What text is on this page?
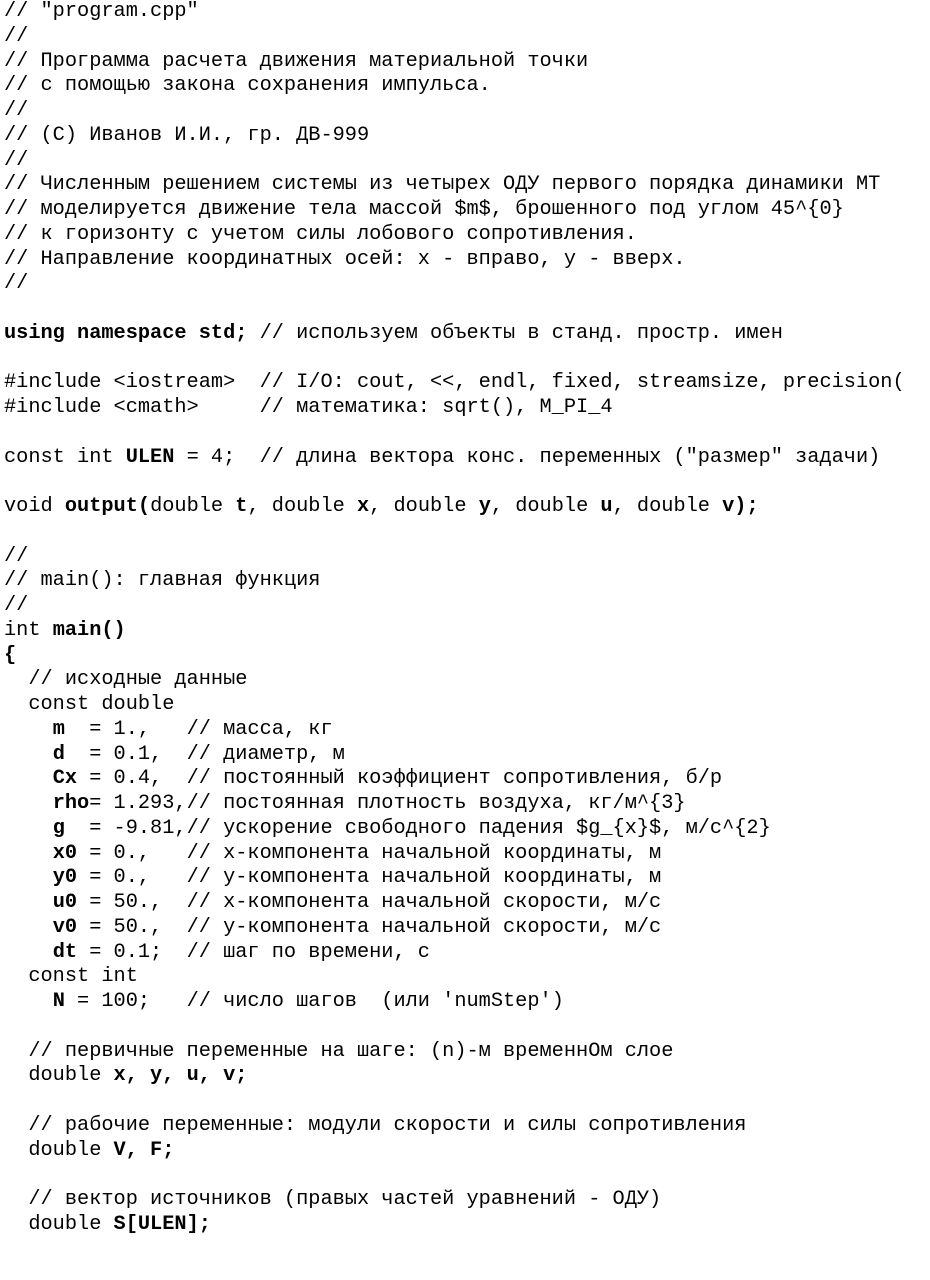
// "program.cpp"
//
// Программа расчета движения материальной точки
// с помощью закона сохранения импульса.
//
// (С) Иванов И.И., гр. ДВ-999
//
// Численным решением системы из четырех ОДУ первого порядка динамики МТ
// моделируется движение тела массой $m$, брошенного под углом 45^{0}
// к горизонту с учетом силы лобового сопротивления.
// Направление координатных осей: x - вправо, y - вверх.
//
using namespace std; // используем объекты в станд. простр. имен
#include <iostream>  // I/O: cout, <<, endl, fixed, streamsize, precision(
#include <cmath>     // математика: sqrt(), M_PI_4
const int ULEN = 4;  // длина вектора конс. переменных ("размер" задачи)
void output(double t, double x, double y, double u, double v);
//
// main(): главная функция
//
int main()
{
// исходные данные
const double
m  = 1.,   // масса, кг
d  = 0.1,  // диаметр, м
Cx = 0.4,  // постоянный коэффициент сопротивления, б/р
rho= 1.293,// постоянная плотность воздуха, кг/м^{3}
g  = -9.81,// ускорение свободного падения $g_{x}$, м/с^{2}
x0 = 0.,   // x-компонента начальной координаты, м
y0 = 0.,   // y-компонента начальной координаты, м
u0 = 50.,  // x-компонента начальной скорости, м/с
v0 = 50.,  // y-компонента начальной скорости, м/с
dt = 0.1;  // шаг по времени, с
const int
N = 100;   // число шагов  (или 'numStep')
// первичные переменные на шаге: (n)-м временнОм слое
double x, y, u, v;
// рабочие переменные: модули скорости и силы сопротивления
double V, F;
// вектор источников (правых частей уравнений - ОДУ)
double S[ULEN];
